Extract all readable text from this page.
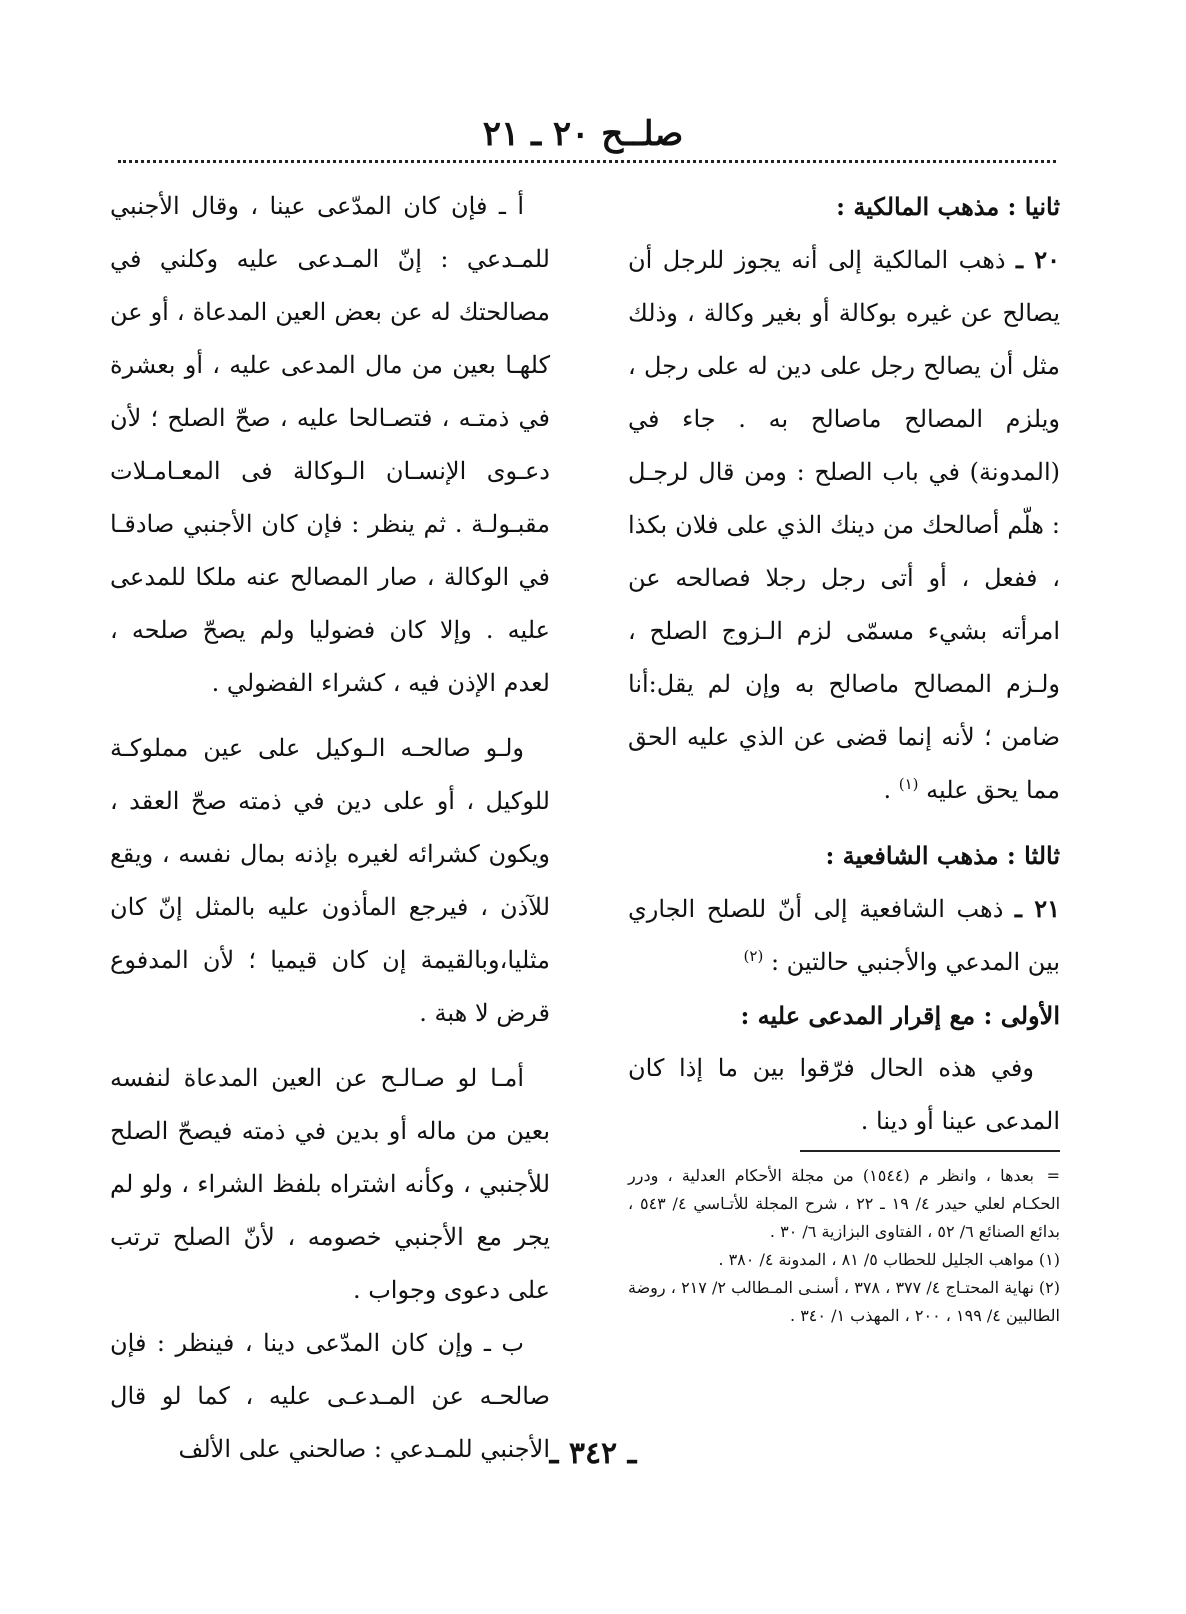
صلــح ٢٠ ـ ٢١

ثانيا : مذهب المالكية :

٢٠ ـ ذهب المالكية إلى أنه يجوز للرجل أن يصالح عن غيره بوكالة أو بغير وكالة ، وذلك مثل أن يصالح رجل على دين له على رجل ، ويلزم المصالح ماصالح به . جاء في (المدونة) في باب الصلح : ومن قال لرجـل : هلّم أصالحك من دينك الذي على فلان بكذا ، ففعل ، أو أتى رجل رجلا فصالحه عن امرأته بشيء مسمّى لزم الـزوج الصلح ، ولـزم المصالح ماصالح به وإن لم يقل:أنا ضامن ؛ لأنه إنما قضى عن الذي عليه الحق مما يحق عليه $^{(١)}$ .

ثالثا : مذهب الشافعية :

٢١ ـ ذهب الشافعية إلى أنّ للصلح الجاري بين المدعي والأجنبي حالتين : $^{(٢)}$

الأولى : مع إقرار المدعى عليه :

وفي هذه الحال فرّقوا بين ما إذا كان المدعى عينا أو دينا .

أ ـ فإن كان المدّعى عينا ، وقال الأجنبي للمـدعي : إنّ المـدعى عليه وكلني في مصالحتك له عن بعض العين المدعاة ، أو عن كلهـا بعين من مال المدعى عليه ، أو بعشرة في ذمتـه ، فتصـالحا عليه ، صحّ الصلح ؛ لأن دعـوى الإنسـان الـوكالة فى المعـامـلات مقبـولـة . ثم ينظر : فإن كان الأجنبي صادقـا في الوكالة ، صار المصالح عنه ملكا للمدعى عليه . وإلا كان فضوليا ولم يصحّ صلحه ، لعدم الإذن فيه ، كشراء الفضولي .

ولـو صالحـه الـوكيل على عين مملوكـة للوكيل ، أو على دين في ذمته صحّ العقد ، ويكون كشرائه لغيره بإذنه بمال نفسه ، ويقع للآذن ، فيرجع المأذون عليه بالمثل إنّ كان مثليا،وبالقيمة إن كان قيميا ؛ لأن المدفوع قرض لا هبة .

أمـا لو صـالـح عن العين المدعاة لنفسه بعين من ماله أو بدين في ذمته فيصحّ الصلح للأجنبي ، وكأنه اشتراه بلفظ الشراء ، ولو لم يجر مع الأجنبي خصومه ، لأنّ الصلح ترتب على دعوى وجواب .

ب ـ وإن كان المدّعى دينا ، فينظر : فإن صالحـه عن المـدعـى عليه ، كما لو قال الأجنبي للمـدعي : صالحني على الألف

=بعدها ، وانظر م (١٥٤٤) من مجلة الأحكام العدلية ، ودرر الحكـام لعلي حيدر ٤/ ١٩ ـ ٢٢ ، شرح المجلة للأتـاسي ٤/ ٥٤٣ ، بدائع الصنائع ٦/ ٥٢ ، الفتاوى البزازية ٦/ ٣٠ .

(١)مواهب الجليل للحطاب ٥/ ٨١ ، المدونة ٤/ ٣٨٠ .

(٢)نهاية المحتـاج ٤/ ٣٧٧ ، ٣٧٨ ، أسنـى المـطالب ٢/ ٢١٧ ، روضة الطالبين ٤/ ١٩٩ ، ٢٠٠ ، المهذب ١/ ٣٤٠ .

ـ ٣٤٢ ـ
